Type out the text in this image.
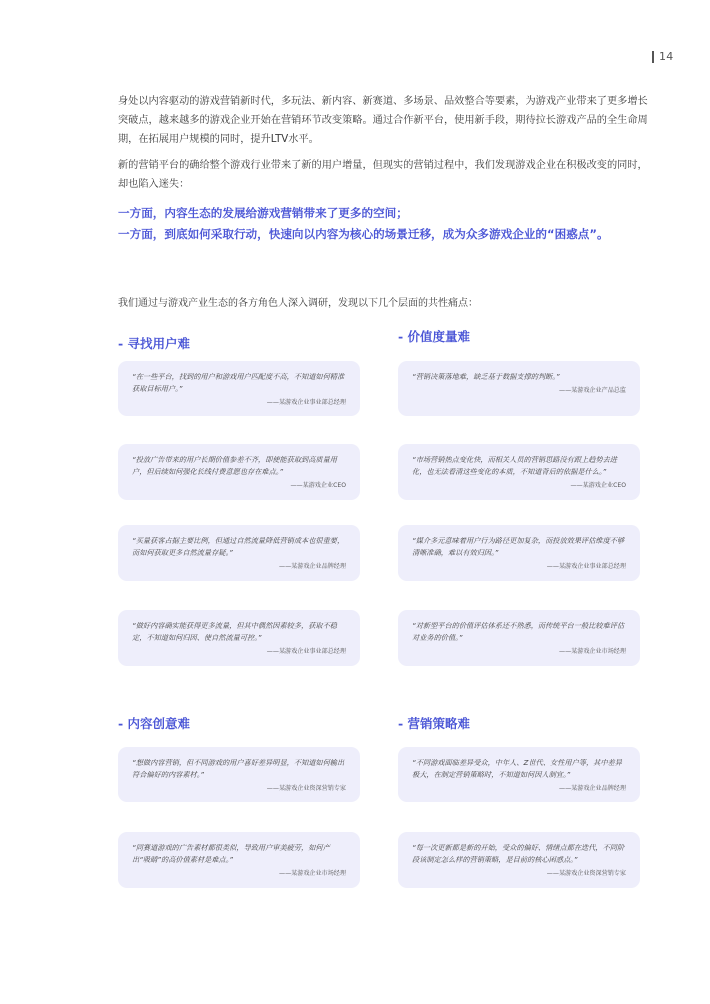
14

身处以内容驱动的游戏营销新时代，多玩法、新内容、新赛道、多场景、品效整合等要素，为游戏产业带来了更多增长突破点，越来越多的游戏企业开始在营销环节改变策略。通过合作新平台，使用新手段，期待拉长游戏产品的全生命周期，在拓展用户规模的同时，提升LTV水平。

新的营销平台的确给整个游戏行业带来了新的用户增量，但现实的营销过程中，我们发现游戏企业在积极改变的同时，却也陷入迷失：

一方面，内容生态的发展给游戏营销带来了更多的空间；

一方面，到底如何采取行动，快速向以内容为核心的场景迁移，成为众多游戏企业的“困惑点”。

我们通过与游戏产业生态的各方角色人深入调研，发现以下几个层面的共性痛点：

- 寻找用户难

“在一些平台，找到的用户和游戏用户匹配度不高，不知道如何精准获取目标用户。”

——某游戏企业事业部总经理

“投放广告带来的用户长期价值参差不齐，即使能获取到高质量用户，但后续如何强化长线付费意愿也存在难点。”

——某游戏企业CEO

“买量获客占据主要比例，但通过自然流量降低营销成本也很重要，而如何获取更多自然流量存疑。”

——某游戏企业品牌经理

“做好内容确实能获得更多流量，但其中偶然因素较多，获取不稳定，不知道如何归因、使自然流量可控。”

——某游戏企业事业部总经理
- 价值度量难

“营销决策落地难，缺乏基于数据支撑的判断。”

——某游戏企业产品总监

“市场营销热点变化快，而相关人员的营销思路没有跟上趋势去进化，也无法看清这些变化的本质，不知道背后的依据是什么。”

——某游戏企业CEO

“媒介多元意味着用户行为路径更加复杂，而投放效果评估维度不够清晰准确，难以有效归因。”

——某游戏企业事业部总经理

“对新型平台的价值评估体系还不熟悉，而传统平台一般比较难评估对业务的价值。”

——某游戏企业市场经理
- 内容创意难

“想做内容营销，但不同游戏的用户喜好差异明显，不知道如何输出符合偏好的内容素材。”

——某游戏企业资深营销专家

“同赛道游戏的广告素材都很类似，导致用户审美疲劳，如何产出“吸睛”的高价值素材是难点。”

——某游戏企业市场经理
- 营销策略难

“不同游戏面临差异受众，中年人、Z世代、女性用户等，其中差异极大，在制定营销策略时，不知道如何因人制宜。”

——某游戏企业品牌经理

“每一次更新都是新的开始，受众的偏好、情绪点都在迭代，不同阶段该制定怎么样的营销策略，是目前的核心困惑点。”

——某游戏企业资深营销专家
